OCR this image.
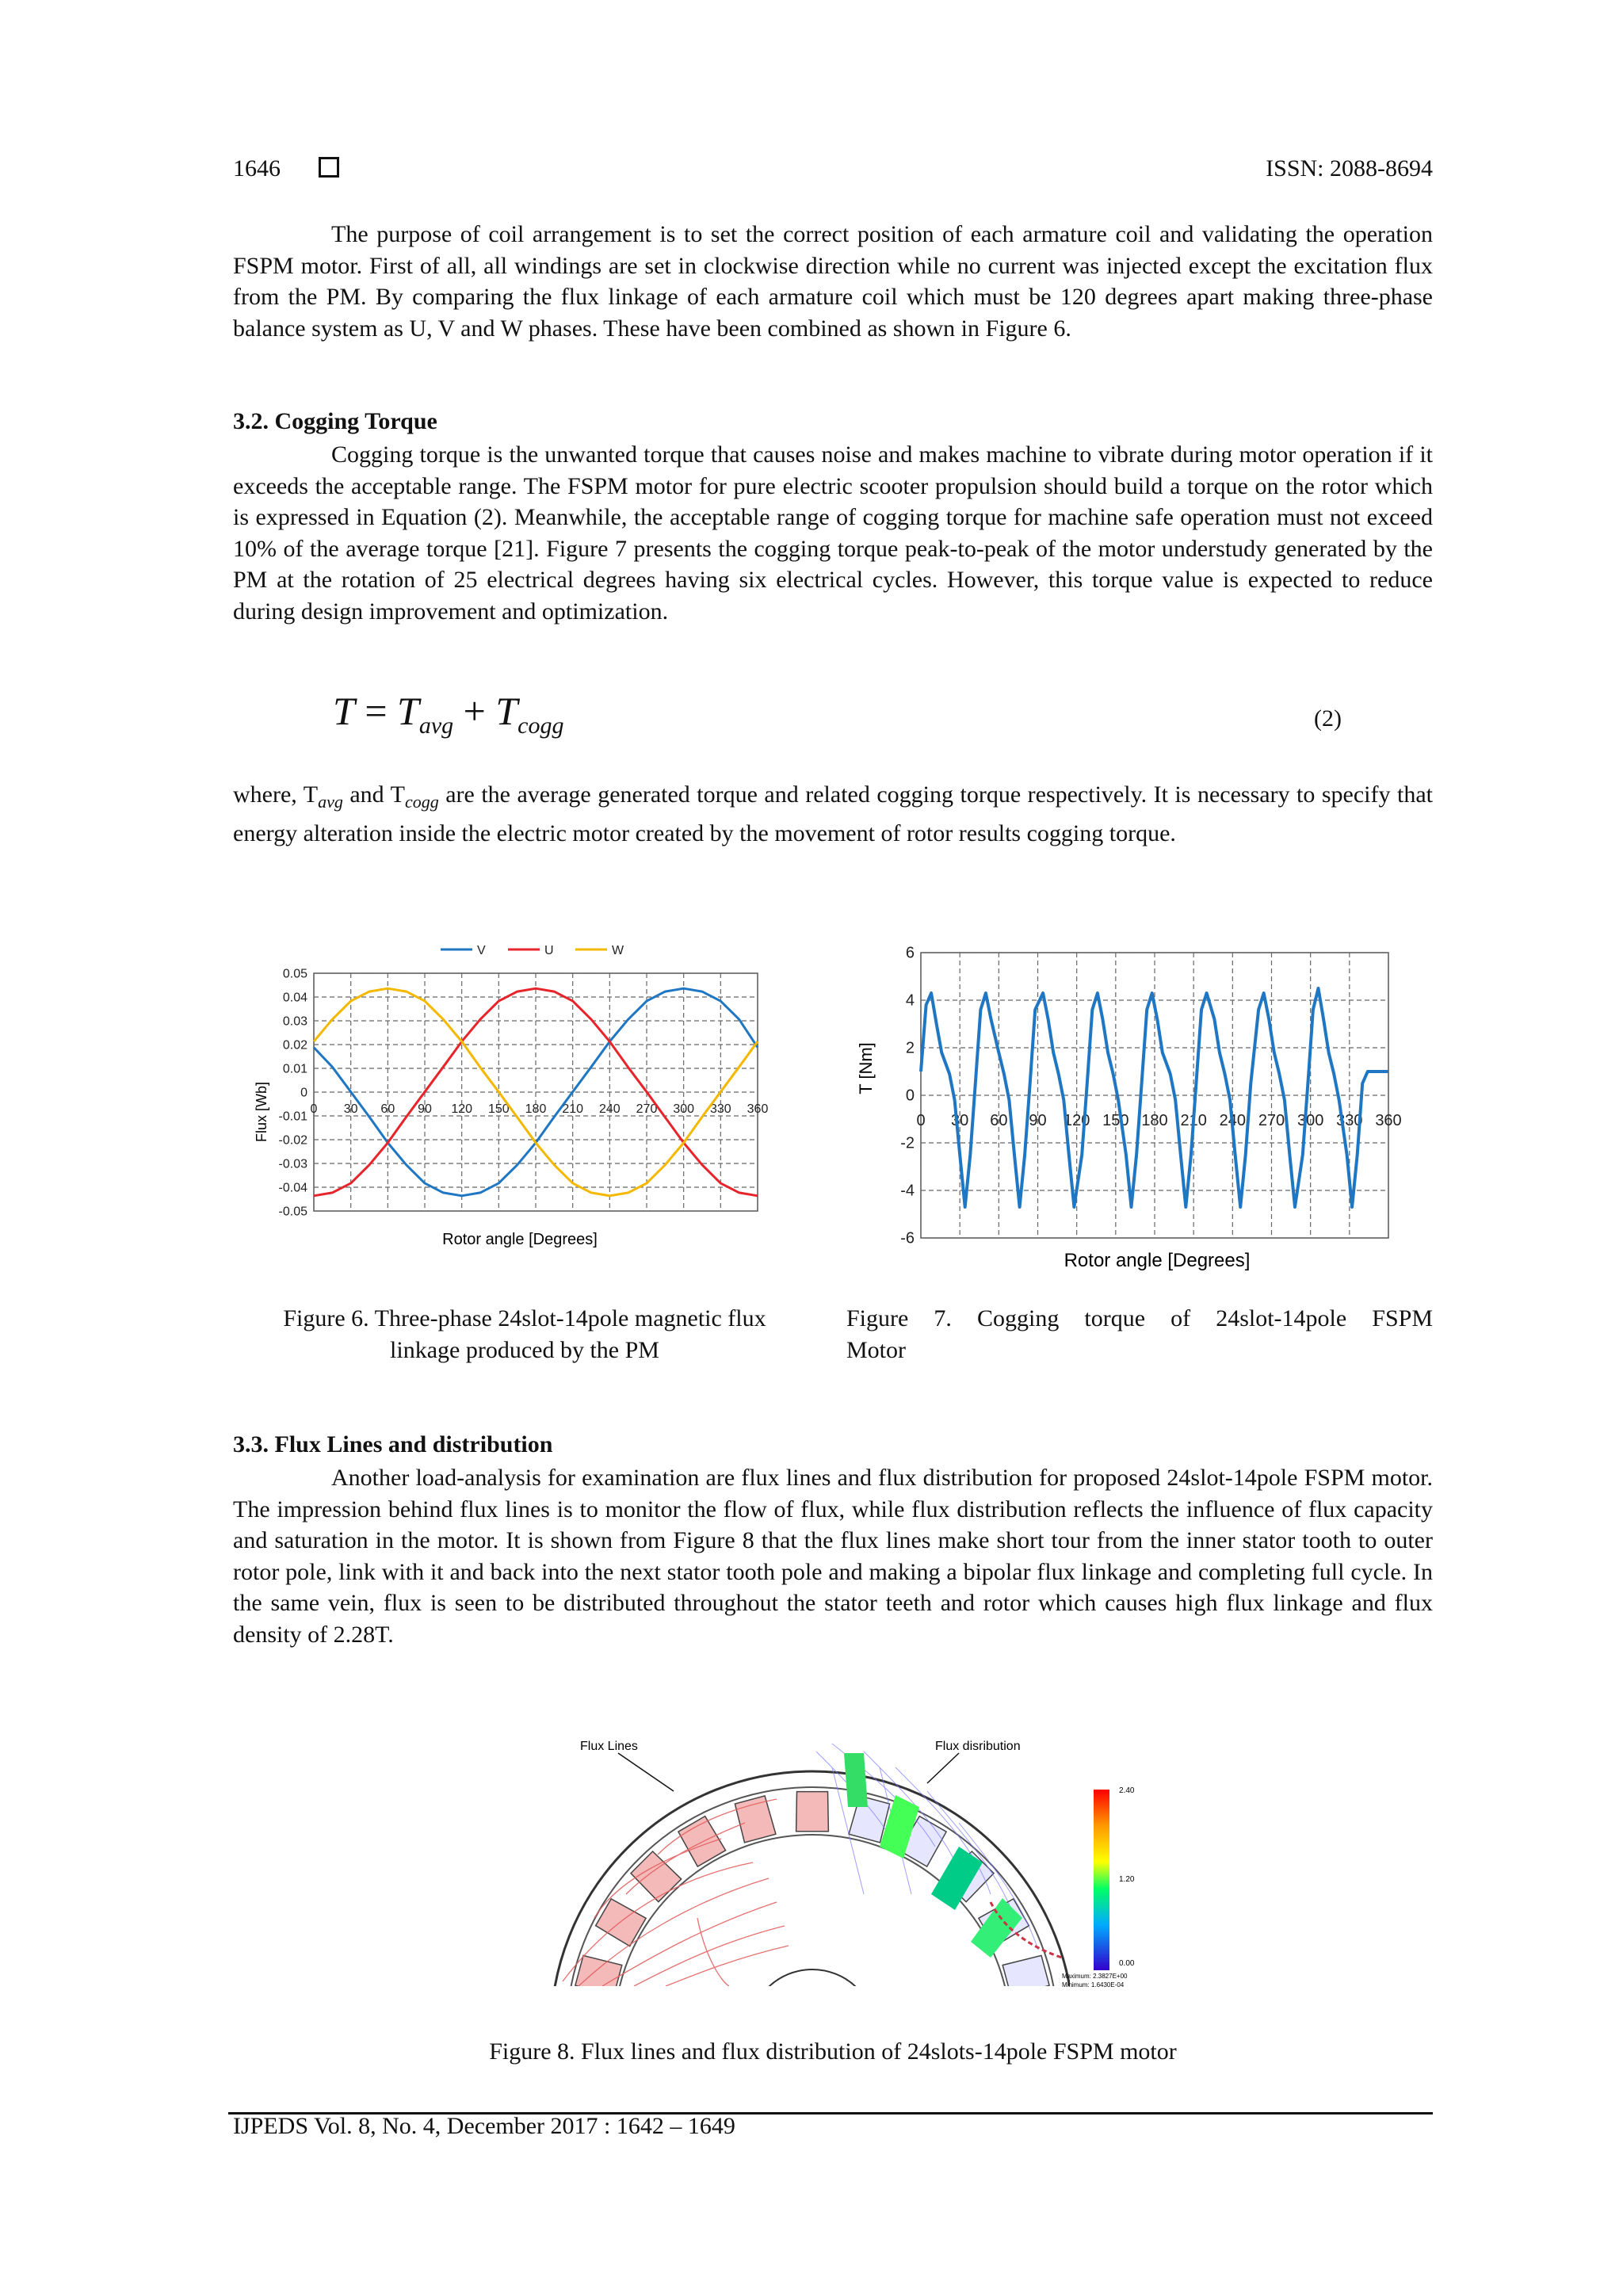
1646	ISSN: 2088-8694
The purpose of coil arrangement is to set the correct position of each armature coil and validating the operation FSPM motor. First of all, all windings are set in clockwise direction while no current was injected except the excitation flux from the PM. By comparing the flux linkage of each armature coil which must be 120 degrees apart making three-phase balance system as U, V and W phases. These have been combined as shown in Figure 6.
3.2. Cogging Torque
Cogging torque is the unwanted torque that causes noise and makes machine to vibrate during motor operation if it exceeds the acceptable range. The FSPM motor for pure electric scooter propulsion should build a torque on the rotor which is expressed in Equation (2). Meanwhile, the acceptable range of cogging torque for machine safe operation must not exceed 10% of the average torque [21]. Figure 7 presents the cogging torque peak-to-peak of the motor understudy generated by the PM at the rotation of 25 electrical degrees having six electrical cycles. However, this torque value is expected to reduce during design improvement and optimization.
$T = T_{avg} + T_{cogg}$	(2)
where, $T_{avg}$ and $T_{cogg}$ are the average generated torque and related cogging torque respectively. It is necessary to specify that energy alteration inside the electric motor created by the movement of rotor results cogging torque.
V	U	W
0.05
0.04
0.03
0.02
0.01
0
-0.01
-0.02
-0.03
-0.04
-0.05
0 30 60 90 120 150 180 210 240 270 300 330 360
Flux [Wb]
Rotor angle [Degrees]
6
4
2
0
-2
-4
-6
0 30 60 90 120 150 180 210 240 270 300 330 360
T [Nm]
Rotor angle [Degrees]
Figure 6. Three-phase 24slot-14pole magnetic flux
linkage produced by the PM
Figure 7. Cogging torque of 24slot-14pole FSPM
Motor
3.3. Flux Lines and distribution
Another load-analysis for examination are flux lines and flux distribution for proposed 24slot-14pole FSPM motor. The impression behind flux lines is to monitor the flow of flux, while flux distribution reflects the influence of flux capacity and saturation in the motor. It is shown from Figure 8 that the flux lines make short tour from the inner stator tooth to outer rotor pole, link with it and back into the next stator tooth pole and making a bipolar flux linkage and completing full cycle. In the same vein, flux is seen to be distributed throughout the stator teeth and rotor which causes high flux linkage and flux density of 2.28T.
Flux Lines	Flux disribution
2.40
1.20
0.00
Maximum: 2.3827E+00
Minimum: 1.6430E-04
Figure 8. Flux lines and flux distribution of 24slots-14pole FSPM motor
IJPEDS Vol. 8, No. 4, December 2017 : 1642 – 1649
